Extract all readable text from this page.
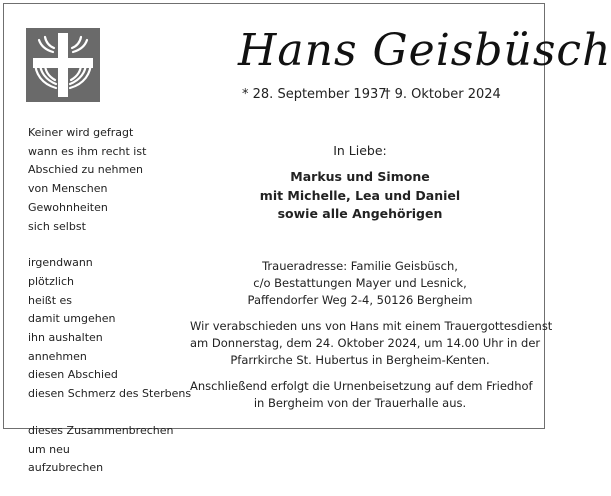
Hans Geisbüsch
* 28. September 1937
† 9. Oktober 2024
Keiner wird gefragt
wann es ihm recht ist
Abschied zu nehmen
von Menschen
Gewohnheiten
sich selbst
irgendwann
plötzlich
heißt es
damit umgehen
ihn aushalten
annehmen
diesen Abschied
diesen Schmerz des Sterbens
dieses Zusammenbrechen
um neu
aufzubrechen
In Liebe:
Markus und Simone
mit Michelle, Lea und Daniel
sowie alle Angehörigen
Traueradresse: Familie Geisbüsch,
c/o Bestattungen Mayer und Lesnick,
Paffendorfer Weg 2-4, 50126 Bergheim
Wir verabschieden uns von Hans mit einem Trauergottesdienst
am Donnerstag, dem 24. Oktober 2024, um 14.00 Uhr in der
Pfarrkirche St. Hubertus in Bergheim-Kenten.
Anschließend erfolgt die Urnenbeisetzung auf dem Friedhof
in Bergheim von der Trauerhalle aus.
